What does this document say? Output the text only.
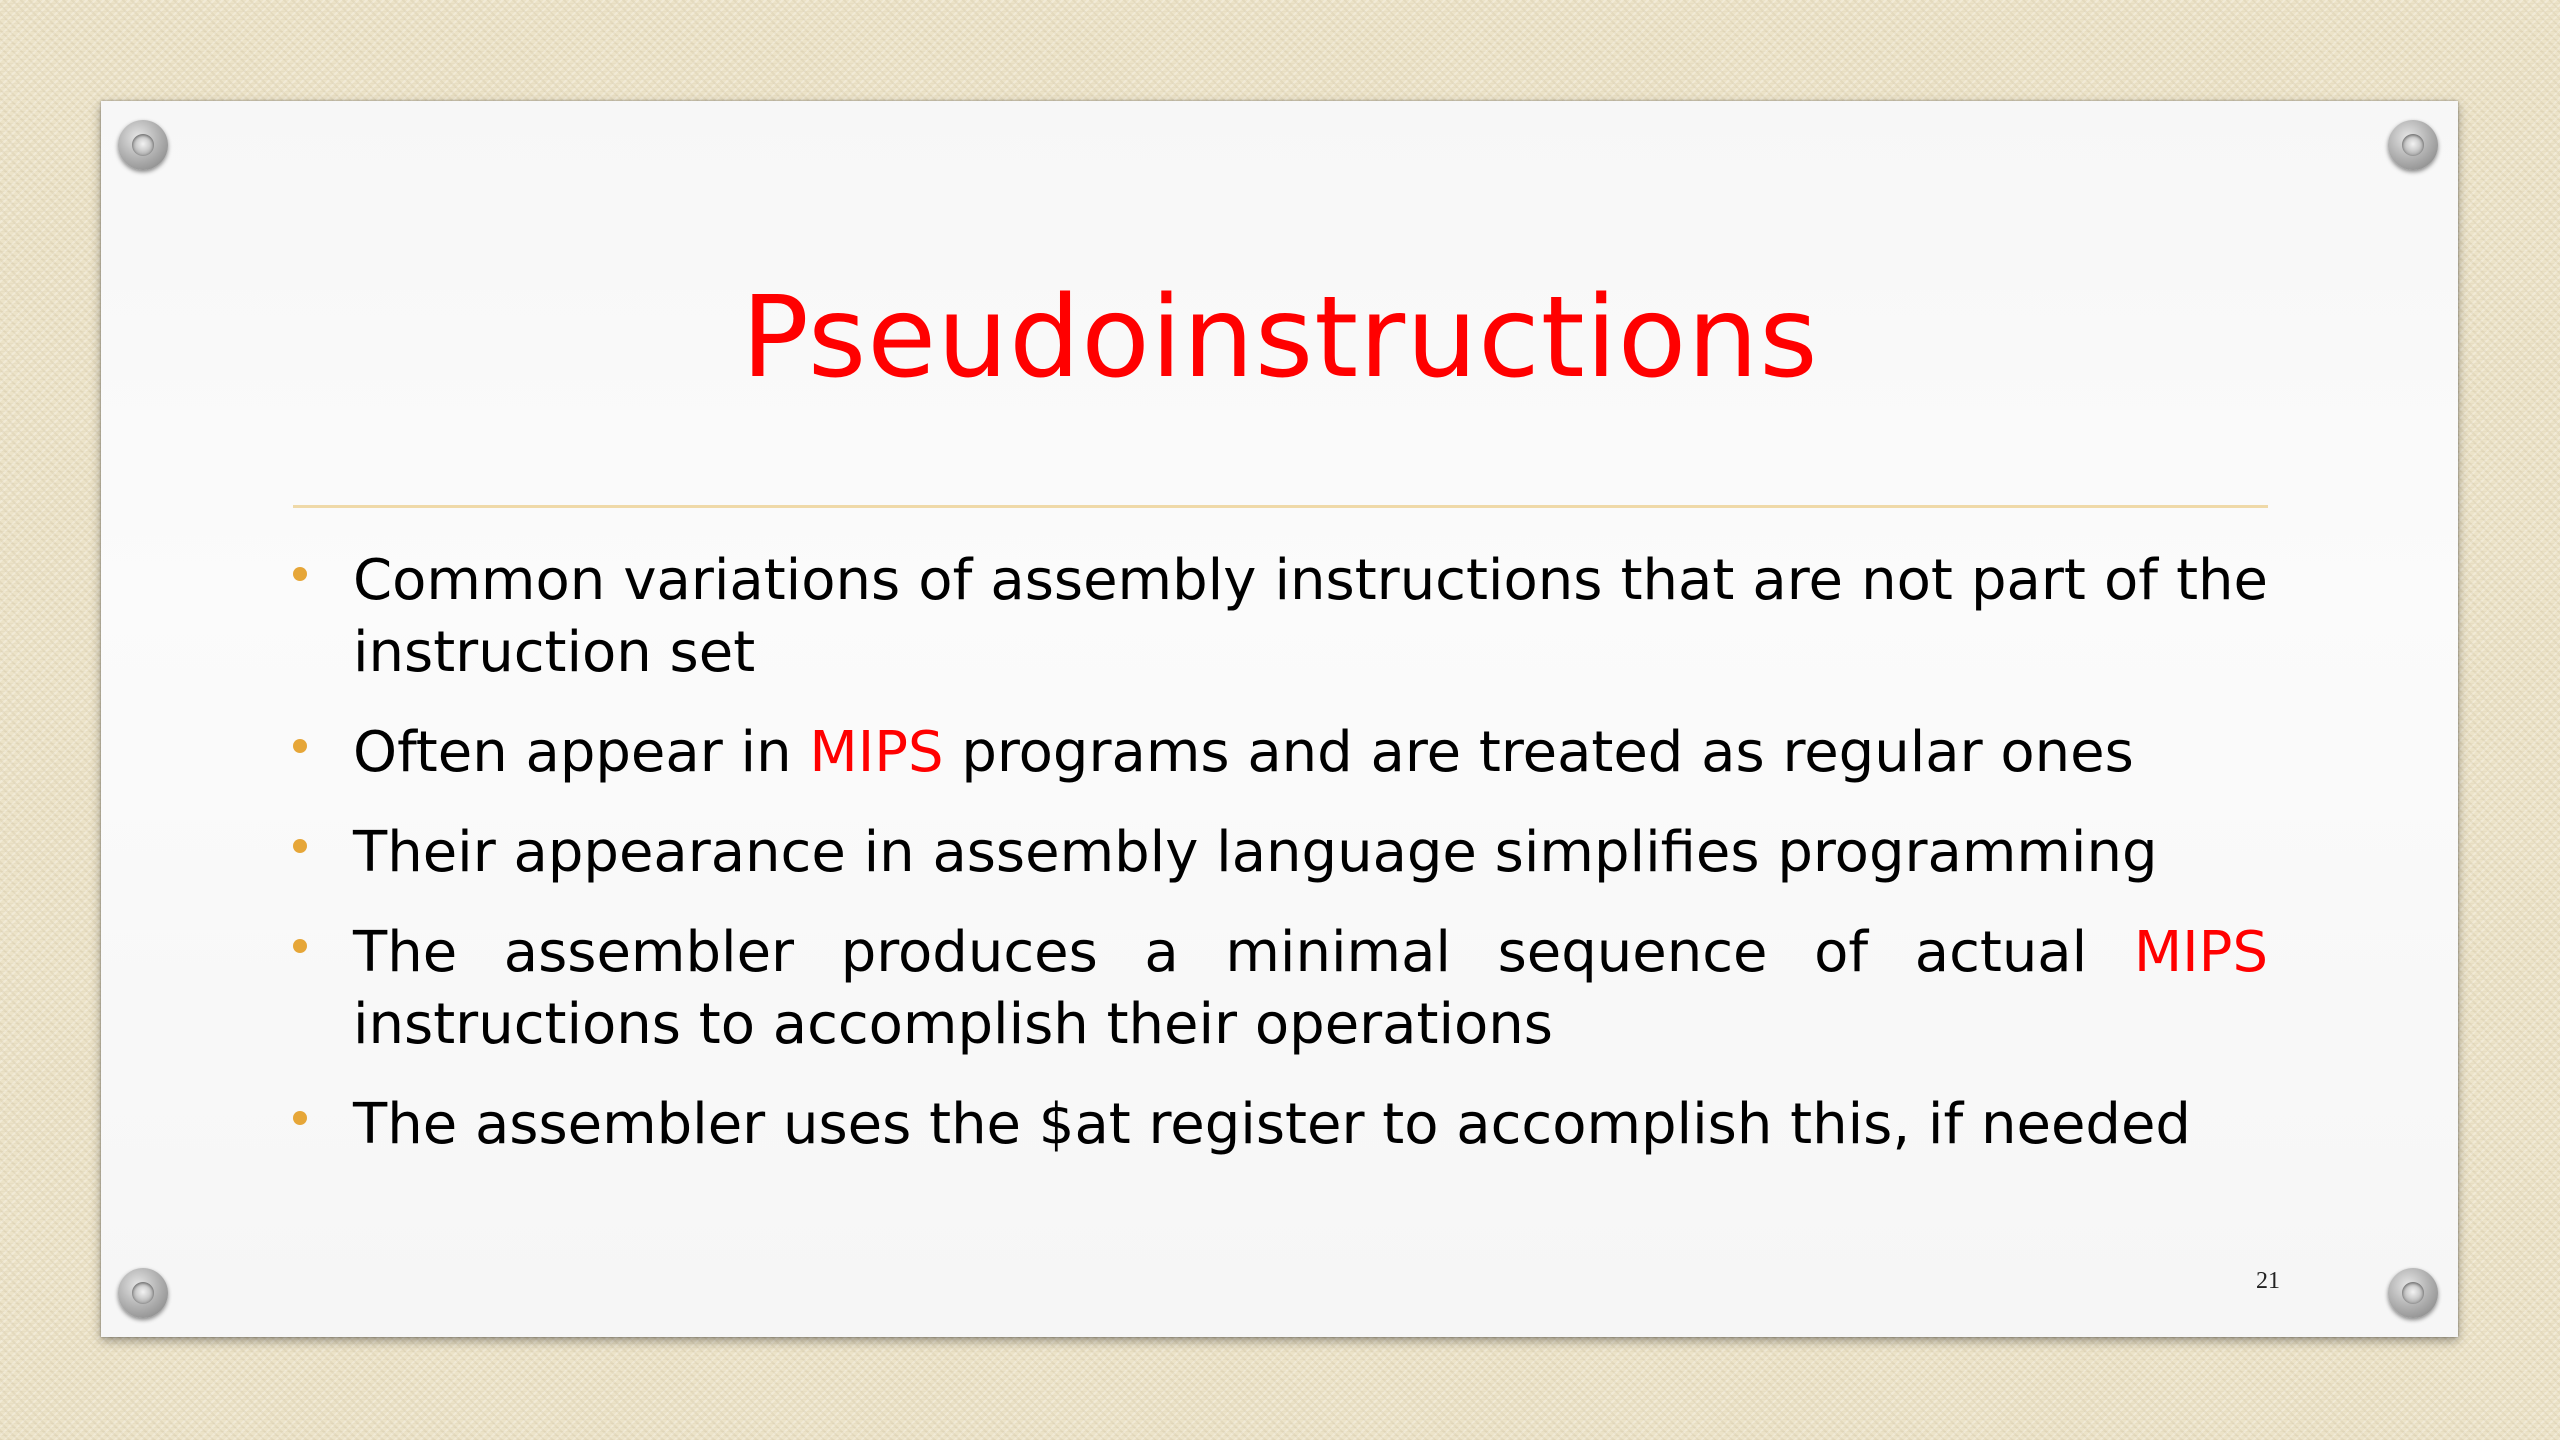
Pseudoinstructions
Common variations of assembly instructions that are not part of the instruction set
Often appear in MIPS programs and are treated as regular ones
Their appearance in assembly language simplifies programming
The assembler produces a minimal sequence of actual MIPS instructions to accomplish their operations
The assembler uses the $at register to accomplish this, if needed
21
